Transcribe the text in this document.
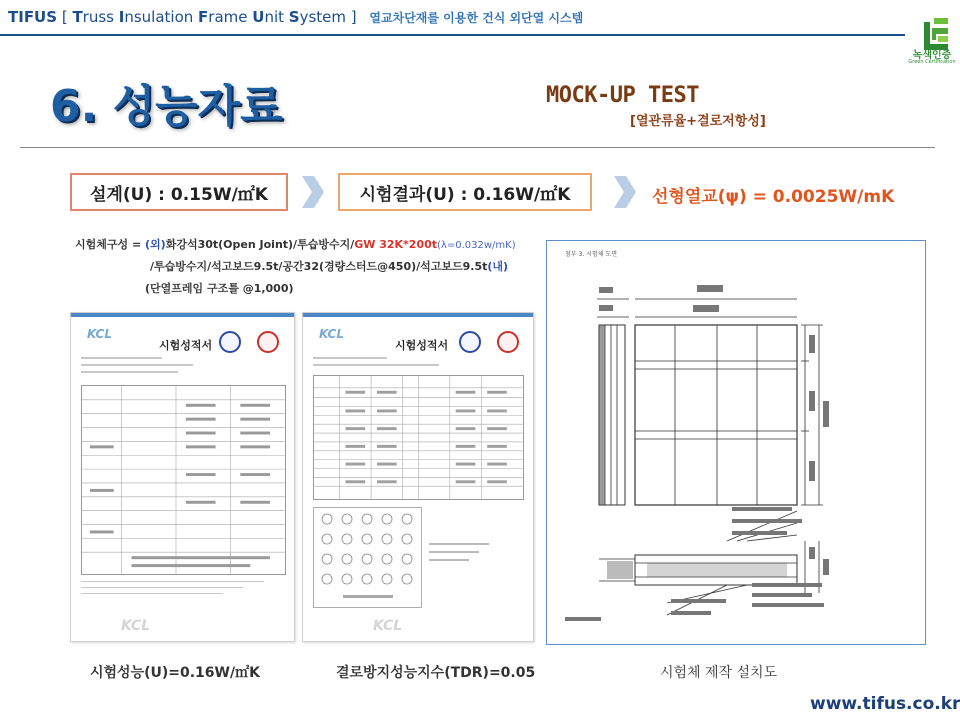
TIFUS [ Truss Insulation Frame Unit System ] 열교차단재를 이용한 건식 외단열 시스템
녹색인증
Green Certification
6. 성능자료	MOCK-UP TEST
[열관류율+결로저항성]
설계(U) : 0.15W/㎡K	시험결과(U) : 0.16W/㎡K	선형열교(ψ) = 0.0025W/mK
시험체구성 = (외)화강석30t(Open Joint)/투습방수지/GW 32K*200t(λ=0.032w/mK)
/투습방수지/석고보드9.5t/공간32(경량스터드@450)/석고보드9.5t(내)
(단열프레임 구조틀 @1,000)
KCL
시험성적서
KCL
KCL
시험성적서
KCL
첨부 3. 시험체 도면
시험성능(U)=0.16W/㎡K	결로방지성능지수(TDR)=0.05	시험체 제작 설치도
www.tifus.co.kr
